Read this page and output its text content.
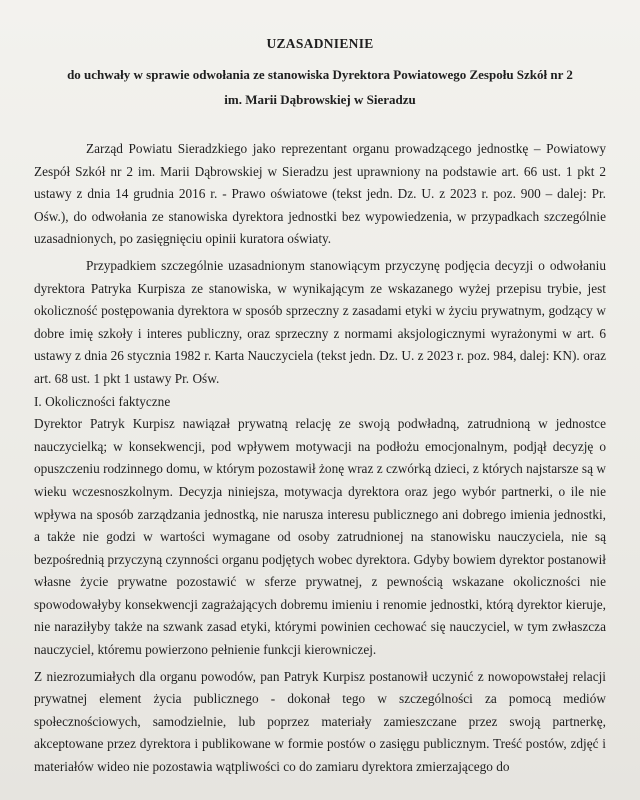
UZASADNIENIE

do uchwały w sprawie odwołania ze stanowiska Dyrektora Powiatowego Zespołu Szkół nr 2

im. Marii Dąbrowskiej w Sieradzu

Zarząd Powiatu Sieradzkiego jako reprezentant organu prowadzącego jednostkę – Powiatowy Zespół Szkół nr 2 im. Marii Dąbrowskiej w Sieradzu jest uprawniony na podstawie art. 66 ust. 1 pkt 2 ustawy z dnia 14 grudnia 2016 r. - Prawo oświatowe (tekst jedn. Dz. U. z 2023 r. poz. 900 – dalej: Pr. Ośw.), do odwołania ze stanowiska dyrektora jednostki bez wypowiedzenia, w przypadkach szczególnie uzasadnionych, po zasięgnięciu opinii kuratora oświaty.

Przypadkiem szczególnie uzasadnionym stanowiącym przyczynę podjęcia decyzji o odwołaniu dyrektora Patryka Kurpisza ze stanowiska, w wynikającym ze wskazanego wyżej przepisu trybie, jest okoliczność postępowania dyrektora w sposób sprzeczny z zasadami etyki w życiu prywatnym, godzący w dobre imię szkoły i interes publiczny, oraz sprzeczny z normami aksjologicznymi wyrażonymi w art. 6 ustawy z dnia 26 stycznia 1982 r. Karta Nauczyciela (tekst jedn. Dz. U. z 2023 r. poz. 984, dalej: KN). oraz art. 68 ust. 1 pkt 1 ustawy Pr. Ośw.

I. Okoliczności faktyczne

Dyrektor Patryk Kurpisz nawiązał prywatną relację ze swoją podwładną, zatrudnioną w jednostce nauczycielką; w konsekwencji, pod wpływem motywacji na podłożu emocjonalnym, podjął decyzję o opuszczeniu rodzinnego domu, w którym pozostawił żonę wraz z czwórką dzieci, z których najstarsze są w wieku wczesnoszkolnym. Decyzja niniejsza, motywacja dyrektora oraz jego wybór partnerki, o ile nie wpływa na sposób zarządzania jednostką, nie narusza interesu publicznego ani dobrego imienia jednostki, a także nie godzi w wartości wymagane od osoby zatrudnionej na stanowisku nauczyciela, nie są bezpośrednią przyczyną czynności organu podjętych wobec dyrektora. Gdyby bowiem dyrektor postanowił własne życie prywatne pozostawić w sferze prywatnej, z pewnością wskazane okoliczności nie spowodowałyby konsekwencji zagrażających dobremu imieniu i renomie jednostki, którą dyrektor kieruje, nie naraziłyby także na szwank zasad etyki, którymi powinien cechować się nauczyciel, w tym zwłaszcza nauczyciel, któremu powierzono pełnienie funkcji kierowniczej.

Z niezrozumiałych dla organu powodów, pan Patryk Kurpisz postanowił uczynić z nowopowstałej relacji prywatnej element życia publicznego - dokonał tego w szczególności za pomocą mediów społecznościowych, samodzielnie, lub poprzez materiały zamieszczane przez swoją partnerkę, akceptowane przez dyrektora i publikowane w formie postów o zasięgu publicznym. Treść postów, zdjęć i materiałów wideo nie pozostawia wątpliwości co do zamiaru dyrektora zmierzającego do
